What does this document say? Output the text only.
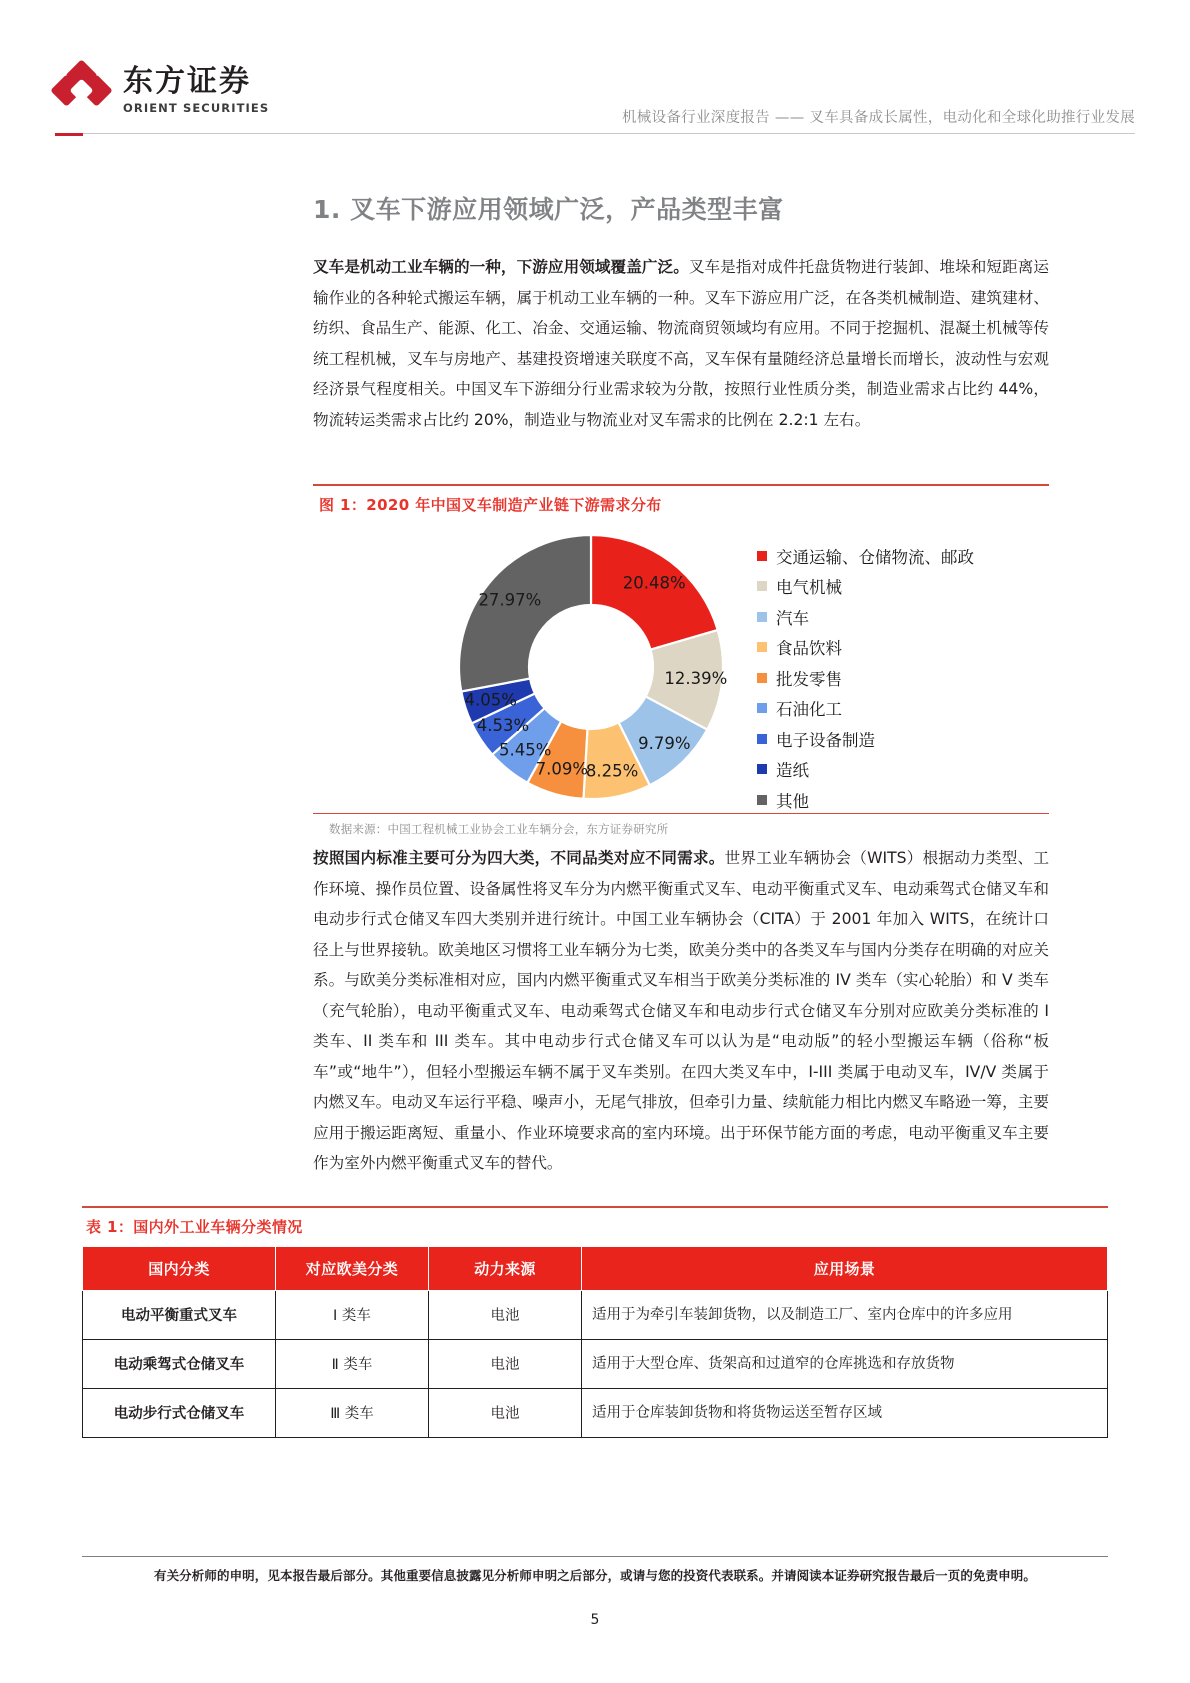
东方证券
ORIENT SECURITIES
机械设备行业深度报告 —— 叉车具备成长属性，电动化和全球化助推行业发展
1. 叉车下游应用领域广泛，产品类型丰富

叉车是机动工业车辆的一种，下游应用领域覆盖广泛。叉车是指对成件托盘货物进行装卸、堆垛和短距离运输作业的各种轮式搬运车辆，属于机动工业车辆的一种。叉车下游应用广泛，在各类机械制造、建筑建材、纺织、食品生产、能源、化工、冶金、交通运输、物流商贸领域均有应用。不同于挖掘机、混凝土机械等传统工程机械，叉车与房地产、基建投资增速关联度不高，叉车保有量随经济总量增长而增长，波动性与宏观经济景气程度相关。中国叉车下游细分行业需求较为分散，按照行业性质分类，制造业需求占比约 44%，物流转运类需求占比约 20%，制造业与物流业对叉车需求的比例在 2.2:1 左右。

图 1：2020 年中国叉车制造产业链下游需求分布
20.48%
12.39%
9.79%
8.25%
7.09%
5.45%
4.53%
4.05%
27.97%
交通运输、仓储物流、邮政
电气机械
汽车
食品饮料
批发零售
石油化工
电子设备制造
造纸
其他
数据来源：中国工程机械工业协会工业车辆分会，东方证券研究所

按照国内标准主要可分为四大类，不同品类对应不同需求。世界工业车辆协会（WITS）根据动力类型、工作环境、操作员位置、设备属性将叉车分为内燃平衡重式叉车、电动平衡重式叉车、电动乘驾式仓储叉车和电动步行式仓储叉车四大类别并进行统计。中国工业车辆协会（CITA）于 2001 年加入 WITS，在统计口径上与世界接轨。欧美地区习惯将工业车辆分为七类，欧美分类中的各类叉车与国内分类存在明确的对应关系。与欧美分类标准相对应，国内内燃平衡重式叉车相当于欧美分类标准的 IV 类车（实心轮胎）和 V 类车（充气轮胎），电动平衡重式叉车、电动乘驾式仓储叉车和电动步行式仓储叉车分别对应欧美分类标准的 I 类车、II 类车和 III 类车。其中电动步行式仓储叉车可以认为是“电动版”的轻小型搬运车辆（俗称“板车”或“地牛”），但轻小型搬运车辆不属于叉车类别。在四大类叉车中，I-III 类属于电动叉车，IV/V 类属于内燃叉车。电动叉车运行平稳、噪声小，无尾气排放，但牵引力量、续航能力相比内燃叉车略逊一筹，主要应用于搬运距离短、重量小、作业环境要求高的室内环境。出于环保节能方面的考虑，电动平衡重叉车主要作为室外内燃平衡重式叉车的替代。

表 1：国内外工业车辆分类情况
国内分类	对应欧美分类	动力来源	应用场景
电动平衡重式叉车	Ⅰ 类车	电池	适用于为牵引车装卸货物，以及制造工厂、室内仓库中的许多应用
电动乘驾式仓储叉车	Ⅱ 类车	电池	适用于大型仓库、货架高和过道窄的仓库挑选和存放货物
电动步行式仓储叉车	Ⅲ 类车	电池	适用于仓库装卸货物和将货物运送至暂存区域
有关分析师的申明，见本报告最后部分。其他重要信息披露见分析师申明之后部分，或请与您的投资代表联系。并请阅读本证券研究报告最后一页的免责申明。
5
